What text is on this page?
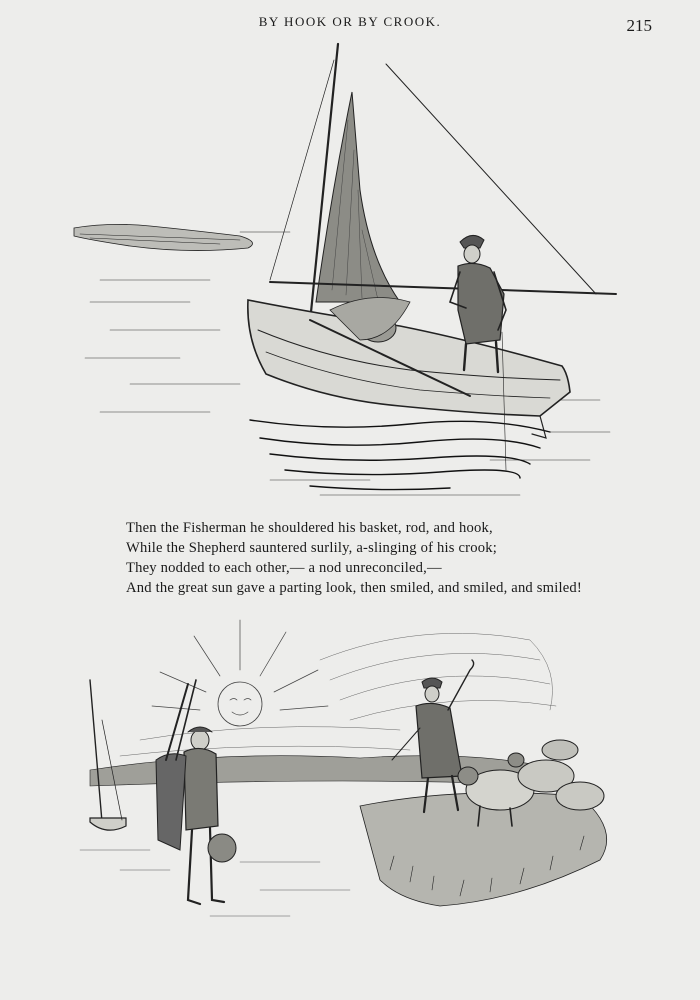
BY HOOK OR BY CROOK.	215
Then the Fisherman he shouldered his basket, rod, and hook,
While the Shepherd sauntered surlily, a-slinging of his crook;
They nodded to each other,— a nod unreconciled,—
And the great sun gave a parting look, then smiled, and smiled, and smiled!
